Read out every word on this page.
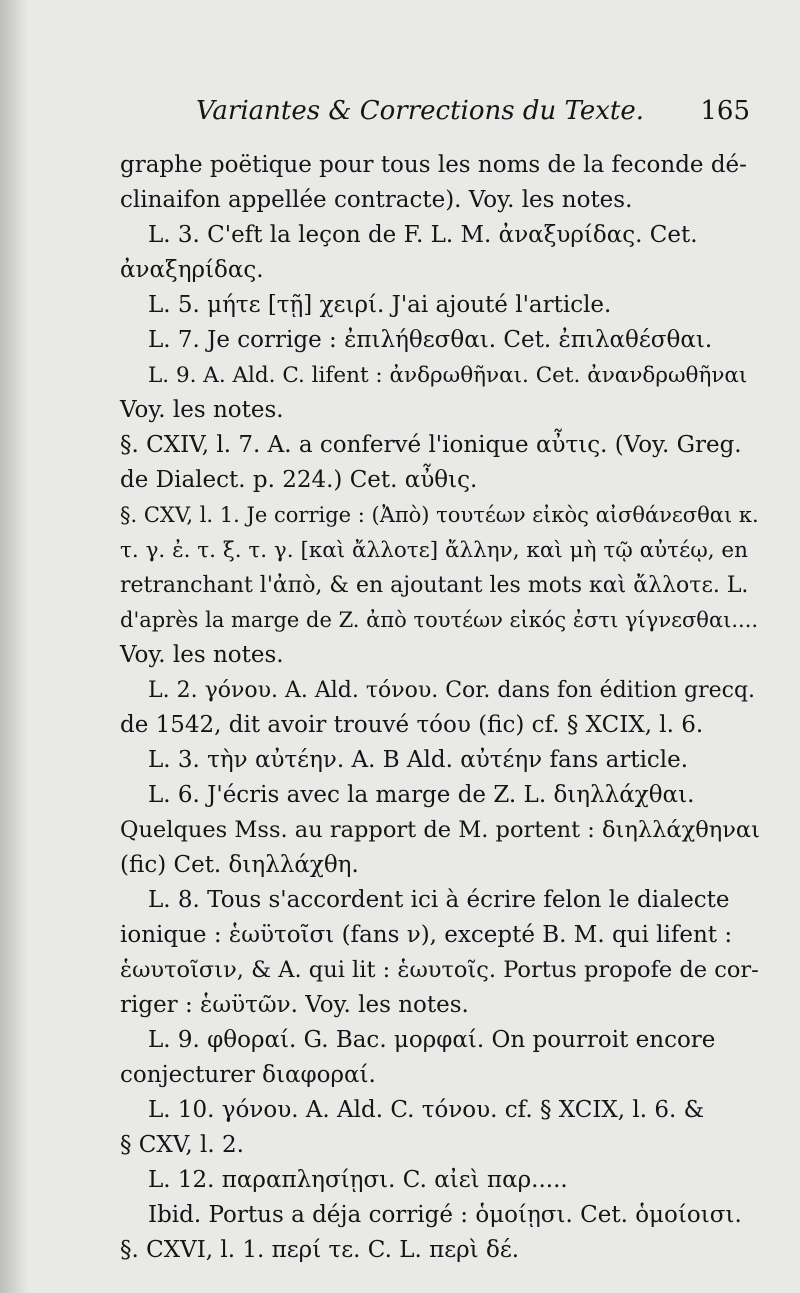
Variantes & Corrections du Texte. 165
graphe poëtique pour tous les noms de la feconde dé-
clinaifon appellée contracte). Voy. les notes.
L. 3. C'eft la leçon de F. L. M. ἀναξυρίδας. Cet.
ἀναξηρίδας.
L. 5. μήτε [τῇ] χειρί. J'ai ajouté l'article.
L. 7. Je corrige : ἐπιλήθεσθαι. Cet. ἐπιλαθέσθαι.
L. 9. A. Ald. C. lifent : ἀνδρωθῆναι. Cet. ἀνανδρωθῆναι
Voy. les notes.
§. CXIV, l. 7. A. a confervé l'ionique αὖτις. (Voy. Greg.
de Dialect. p. 224.) Cet. αὖθις.
§. CXV, l. 1. Je corrige : (Ἀπὸ) τουτέων εἰκὸς αἰσθάνεσθαι κ.
τ. γ. ἐ. τ. ξ. τ. γ. [καὶ ἄλλοτε] ἄλλην, καὶ μὴ τῷ αὐτέῳ, en
retranchant l'ἀπὸ, & en ajoutant les mots καὶ ἄλλοτε. L.
d'après la marge de Z. ἀπὸ τουτέων εἰκός ἐστι γίγνεσθαι....
Voy. les notes.
L. 2. γόνου. A. Ald. τόνου. Cor. dans fon édition grecq.
de 1542, dit avoir trouvé τόου (fic) cf. § XCIX, l. 6.
L. 3. τὴν αὐτέην. A. B Ald. αὐτέην fans article.
L. 6. J'écris avec la marge de Z. L. διηλλάχθαι.
Quelques Mss. au rapport de M. portent : διηλλάχθηναι
(fic) Cet. διηλλάχθη.
L. 8. Tous s'accordent ici à écrire felon le dialecte
ionique : ἑωϋτοῖσι (fans ν), excepté B. M. qui lifent :
ἑωυτοῖσιν, & A. qui lit : ἑωυτοῖς. Portus propofe de cor-
riger : ἑωϋτῶν. Voy. les notes.
L. 9. φθοραί. G. Bac. μορφαί. On pourroit encore
conjecturer διαφοραί.
L. 10. γόνου. A. Ald. C. τόνου. cf. § XCIX, l. 6. &
§ CXV, l. 2.
L. 12. παραπλησίῃσι. C. αἰεὶ παρ.....
Ibid. Portus a déja corrigé : ὁμοίῃσι. Cet. ὁμοίοισι.
§. CXVI, l. 1. περί τε. C. L. περὶ δέ.
